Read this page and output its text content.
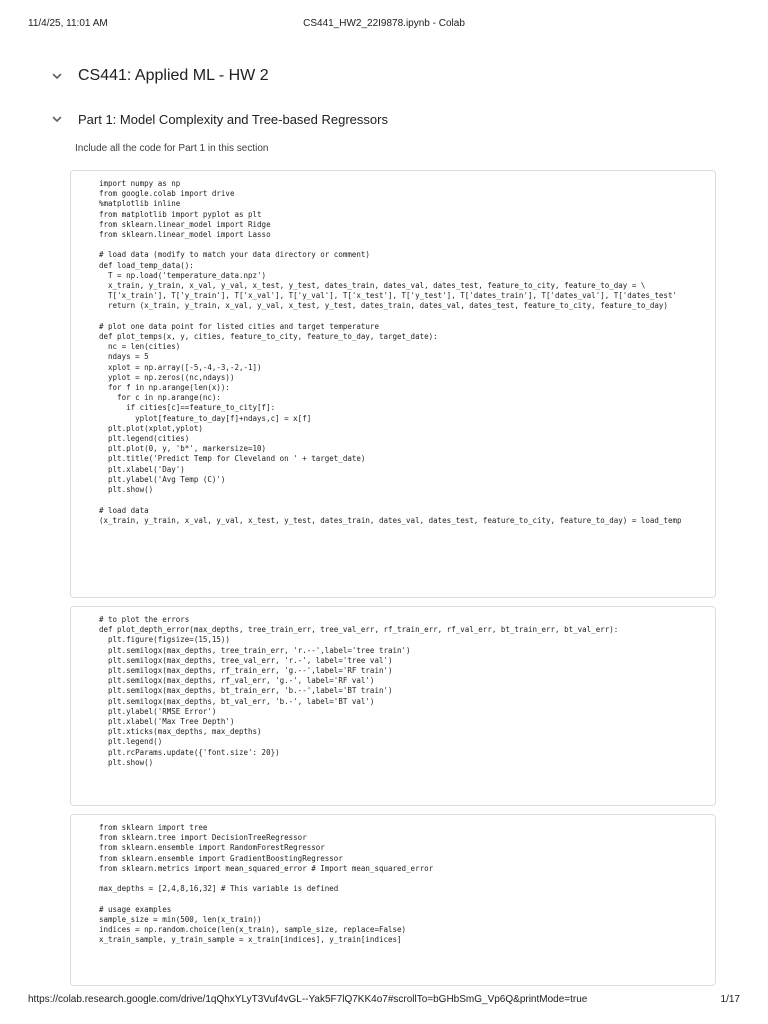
11/4/25, 11:01 AM	CS441_HW2_22I9878.ipynb - Colab
CS441: Applied ML - HW 2
Part 1: Model Complexity and Tree-based Regressors
Include all the code for Part 1 in this section
import numpy as np
from google.colab import drive
%matplotlib inline
from matplotlib import pyplot as plt
from sklearn.linear_model import Ridge
from sklearn.linear_model import Lasso

# load data (modify to match your data directory or comment)
def load_temp_data():
T = np.load('temperature_data.npz')
x_train, y_train, x_val, y_val, x_test, y_test, dates_train, dates_val, dates_test, feature_to_city, feature_to_day = \
T['x_train'], T['y_train'], T['x_val'], T['y_val'], T['x_test'], T['y_test'], T['dates_train'], T['dates_val'], T['dates_test'
return (x_train, y_train, x_val, y_val, x_test, y_test, dates_train, dates_val, dates_test, feature_to_city, feature_to_day)

# plot one data point for listed cities and target temperature
def plot_temps(x, y, cities, feature_to_city, feature_to_day, target_date):
nc = len(cities)
ndays = 5
xplot = np.array([-5,-4,-3,-2,-1])
yplot = np.zeros((nc,ndays))
for f in np.arange(len(x)):
for c in np.arange(nc):
if cities[c]==feature_to_city[f]:
yplot[feature_to_day[f]+ndays,c] = x[f]
plt.plot(xplot,yplot)
plt.legend(cities)
plt.plot(0, y, 'b*', markersize=10)
plt.title('Predict Temp for Cleveland on ' + target_date)
plt.xlabel('Day')
plt.ylabel('Avg Temp (C)')
plt.show()

# load data
(x_train, y_train, x_val, y_val, x_test, y_test, dates_train, dates_val, dates_test, feature_to_city, feature_to_day) = load_temp
# to plot the errors
def plot_depth_error(max_depths, tree_train_err, tree_val_err, rf_train_err, rf_val_err, bt_train_err, bt_val_err):
plt.figure(figsize=(15,15))
plt.semilogx(max_depths, tree_train_err, 'r.--',label='tree train')
plt.semilogx(max_depths, tree_val_err, 'r.-', label='tree val')
plt.semilogx(max_depths, rf_train_err, 'g.--',label='RF train')
plt.semilogx(max_depths, rf_val_err, 'g.-', label='RF val')
plt.semilogx(max_depths, bt_train_err, 'b.--',label='BT train')
plt.semilogx(max_depths, bt_val_err, 'b.-', label='BT val')
plt.ylabel('RMSE Error')
plt.xlabel('Max Tree Depth')
plt.xticks(max_depths, max_depths)
plt.legend()
plt.rcParams.update({'font.size': 20})
plt.show()
from sklearn import tree
from sklearn.tree import DecisionTreeRegressor
from sklearn.ensemble import RandomForestRegressor
from sklearn.ensemble import GradientBoostingRegressor
from sklearn.metrics import mean_squared_error # Import mean_squared_error

max_depths = [2,4,8,16,32] # This variable is defined

# usage examples
sample_size = min(500, len(x_train))
indices = np.random.choice(len(x_train), sample_size, replace=False)
x_train_sample, y_train_sample = x_train[indices], y_train[indices]
https://colab.research.google.com/drive/1qQhxYLyT3Vuf4vGL--Yak5F7lQ7KK4o7#scrollTo=bGHbSmG_Vp6Q&printMode=true	1/17
